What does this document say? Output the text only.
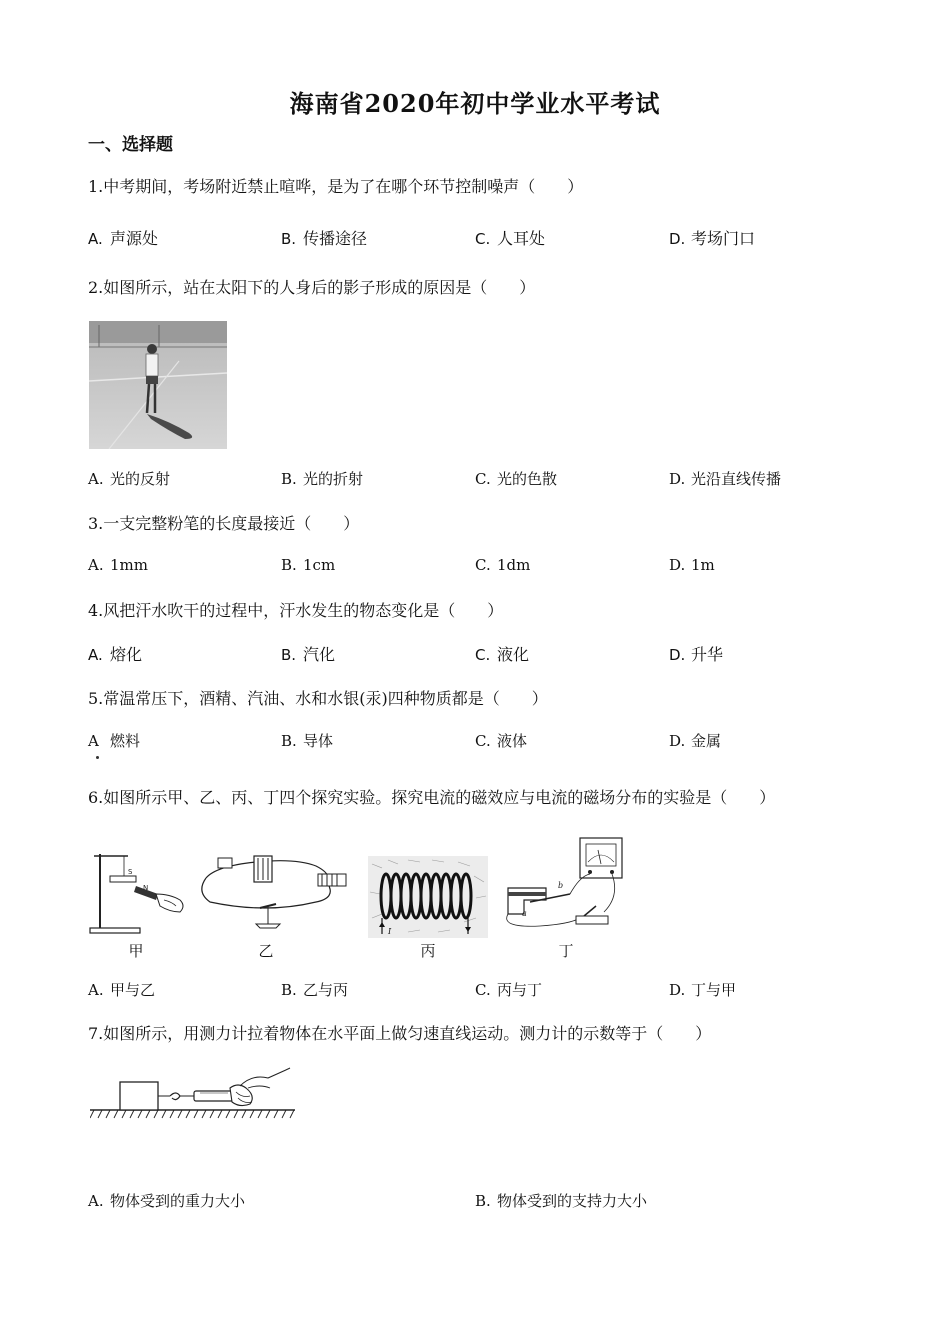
海南省2020年初中学业水平考试
一、选择题
1.中考期间，考场附近禁止喧哗，是为了在哪个环节控制噪声（　　）
A. 声源处	B. 传播途径	C. 人耳处	D. 考场门口
2.如图所示，站在太阳下的人身后的影子形成的原因是（　　）
A. 光的反射	B. 光的折射	C. 光的色散	D. 光沿直线传播
3.一支完整粉笔的长度最接近（　　）
A. 1mm	B. 1cm	C. 1dm	D. 1m
4.风把汗水吹干的过程中，汗水发生的物态变化是（　　）
A. 熔化	B. 汽化	C. 液化	D. 升华
5.常温常压下，酒精、汽油、水和水银(汞)四种物质都是（　　）
A 燃料	B. 导体	C. 液体	D. 金属
6.如图所示甲、乙、丙、丁四个探究实验。探究电流的磁效应与电流的磁场分布的实验是（　　）
S
N
甲	乙
I
丙
b
a
丁
A. 甲与乙	B. 乙与丙	C. 丙与丁	D. 丁与甲
7.如图所示，用测力计拉着物体在水平面上做匀速直线运动。测力计的示数等于（　　）
A. 物体受到的重力大小	B. 物体受到的支持力大小
